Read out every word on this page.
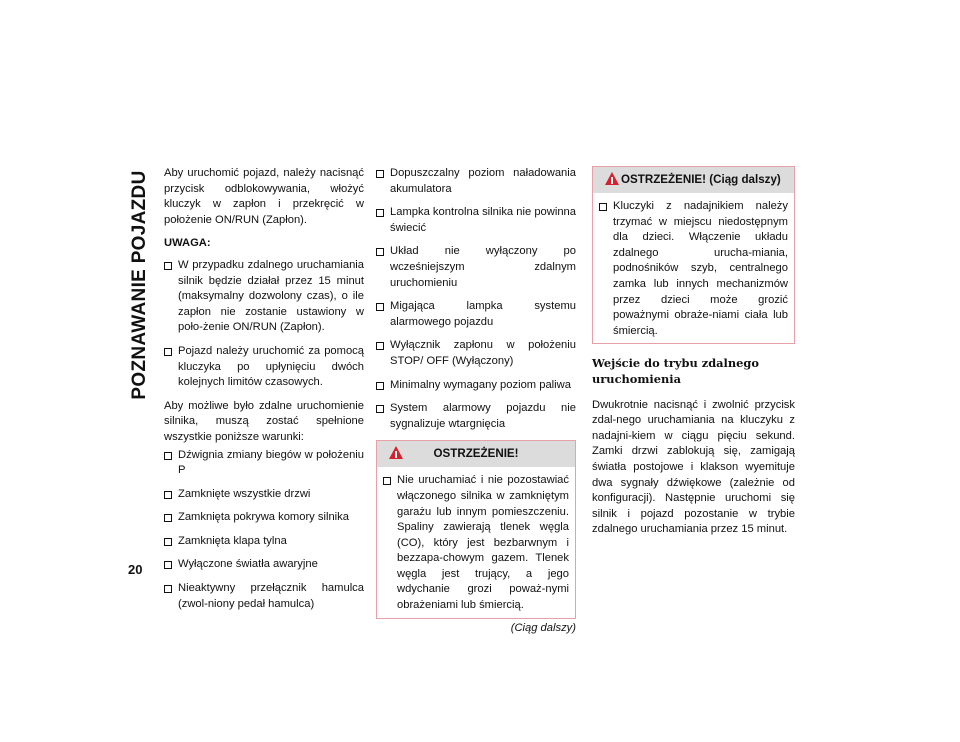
POZNAWANIE POJAZDU
20
Aby uruchomić pojazd, należy nacisnąć przycisk odblokowywania, włożyć kluczyk w zapłon i przekręcić w położenie ON/RUN (Zapłon).
UWAGA:
W przypadku zdalnego uruchamiania silnik będzie działał przez 15 minut (maksymalny dozwolony czas), o ile zapłon nie zostanie ustawiony w poło-żenie ON/RUN (Zapłon).
Pojazd należy uruchomić za pomocą kluczyka po upłynięciu dwóch kolejnych limitów czasowych.
Aby możliwe było zdalne uruchomienie silnika, muszą zostać spełnione wszystkie poniższe warunki:
Dźwignia zmiany biegów w położeniu P
Zamknięte wszystkie drzwi
Zamknięta pokrywa komory silnika
Zamknięta klapa tylna
Wyłączone światła awaryjne
Nieaktywny przełącznik hamulca (zwol-niony pedał hamulca)
Dopuszczalny poziom naładowania akumulatora
Lampka kontrolna silnika nie powinna świecić
Układ nie wyłączony po wcześniejszym zdalnym uruchomieniu
Migająca lampka systemu alarmowego pojazdu
Wyłącznik zapłonu w położeniu STOP/ OFF (Wyłączony)
Minimalny wymagany poziom paliwa
System alarmowy pojazdu nie sygnalizuje wtargnięcia
OSTRZEŻENIE!
Nie uruchamiać i nie pozostawiać włączonego silnika w zamkniętym garażu lub innym pomieszczeniu. Spaliny zawierają tlenek węgla (CO), który jest bezbarwnym i bezzapa-chowym gazem. Tlenek węgla jest trujący, a jego wdychanie grozi poważ-nymi obrażeniami lub śmiercią.
(Ciąg dalszy)
OSTRZEŻENIE! (Ciąg dalszy)
Kluczyki z nadajnikiem należy trzymać w miejscu niedostępnym dla dzieci. Włączenie układu zdalnego urucha-miania, podnośników szyb, centralnego zamka lub innych mechanizmów przez dzieci może grozić poważnymi obraże-niami ciała lub śmiercią.
Wejście do trybu zdalnego uruchomienia
Dwukrotnie nacisnąć i zwolnić przycisk zdal-nego uruchamiania na kluczyku z nadajni-kiem w ciągu pięciu sekund. Zamki drzwi zablokują się, zamigają światła postojowe i klakson wyemituje dwa sygnały dźwiękowe (zależnie od konfiguracji). Następnie uruchomi się silnik i pojazd pozostanie w trybie zdalnego uruchamiania przez 15 minut.
